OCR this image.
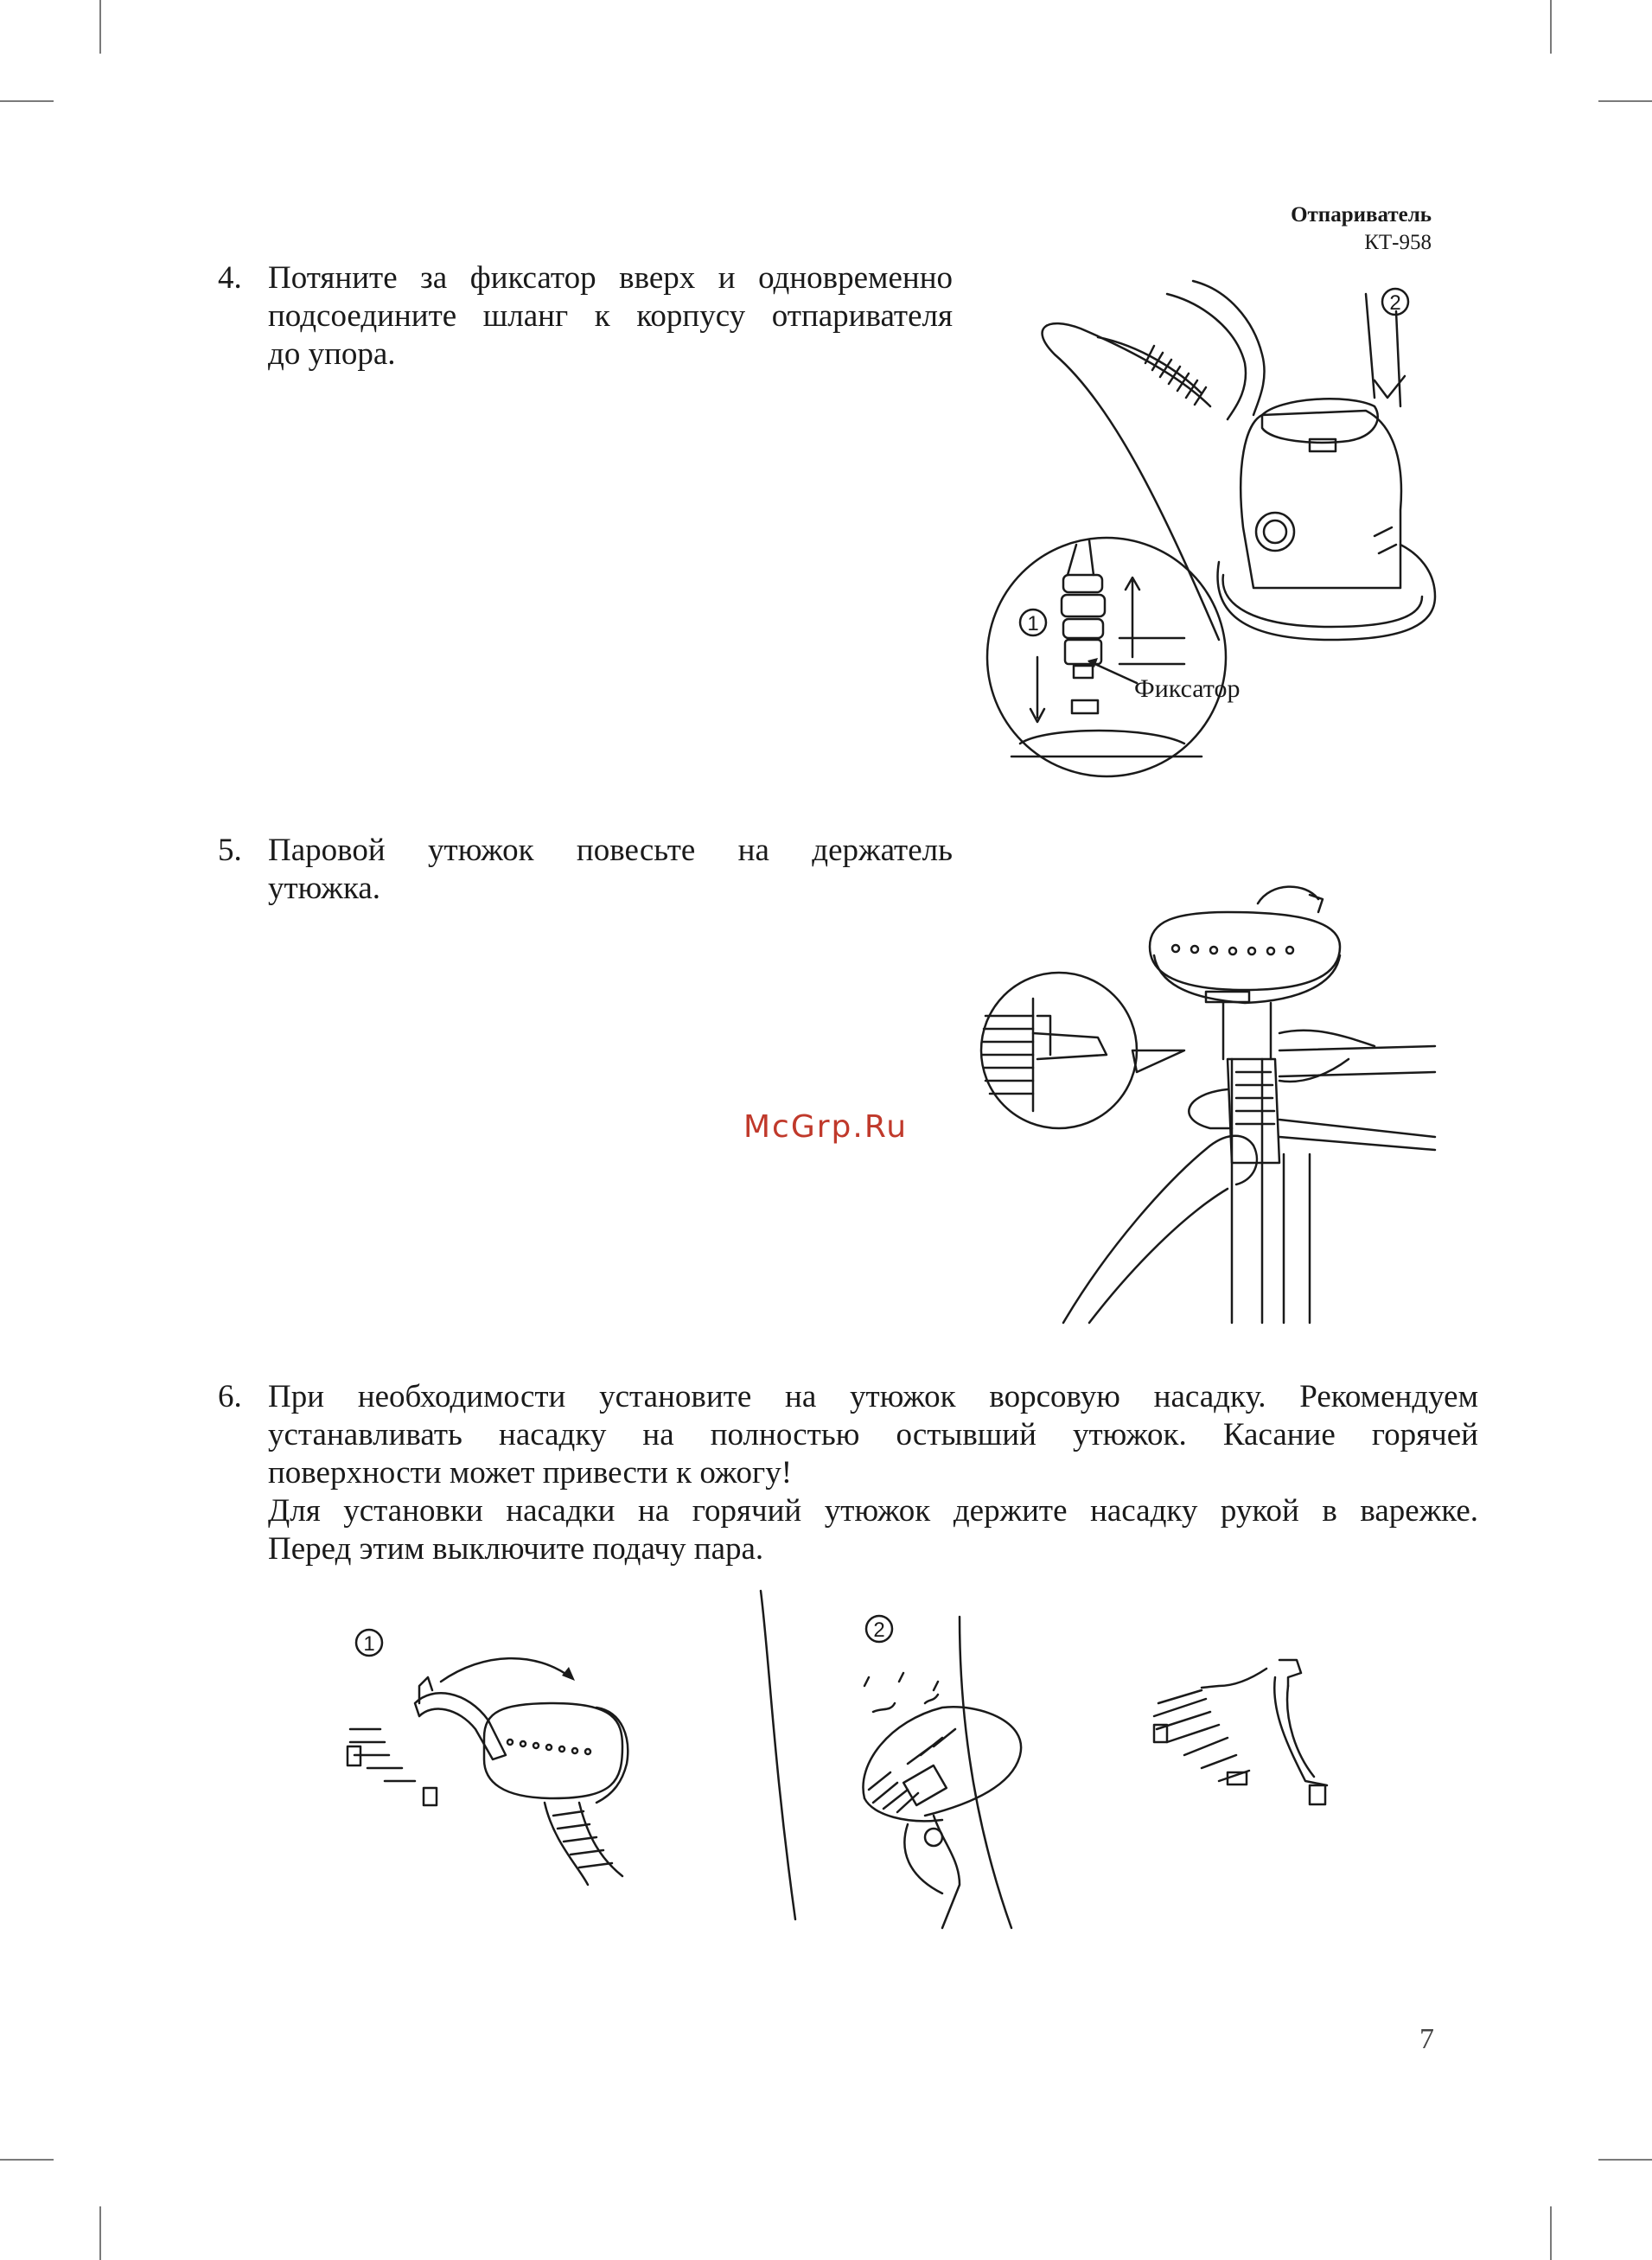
Отпариватель
КТ-958
4. Потяните за фиксатор вверх и одновременно
подсоедините шланг к корпусу отпаривателя
до упора.
5. Паровой утюжок повесьте на держатель
утюжка.
6. При необходимости установите на утюжок ворсовую насадку. Рекомендуем
устанавливать насадку на полностью остывший утюжок. Касание горячей
поверхности может привести к ожогу!
Для установки насадки на горячий утюжок держите насадку рукой в варежке.
Перед этим выключите подачу пара.
2
1
Фиксатор
McGrp.Ru
1
2
7
